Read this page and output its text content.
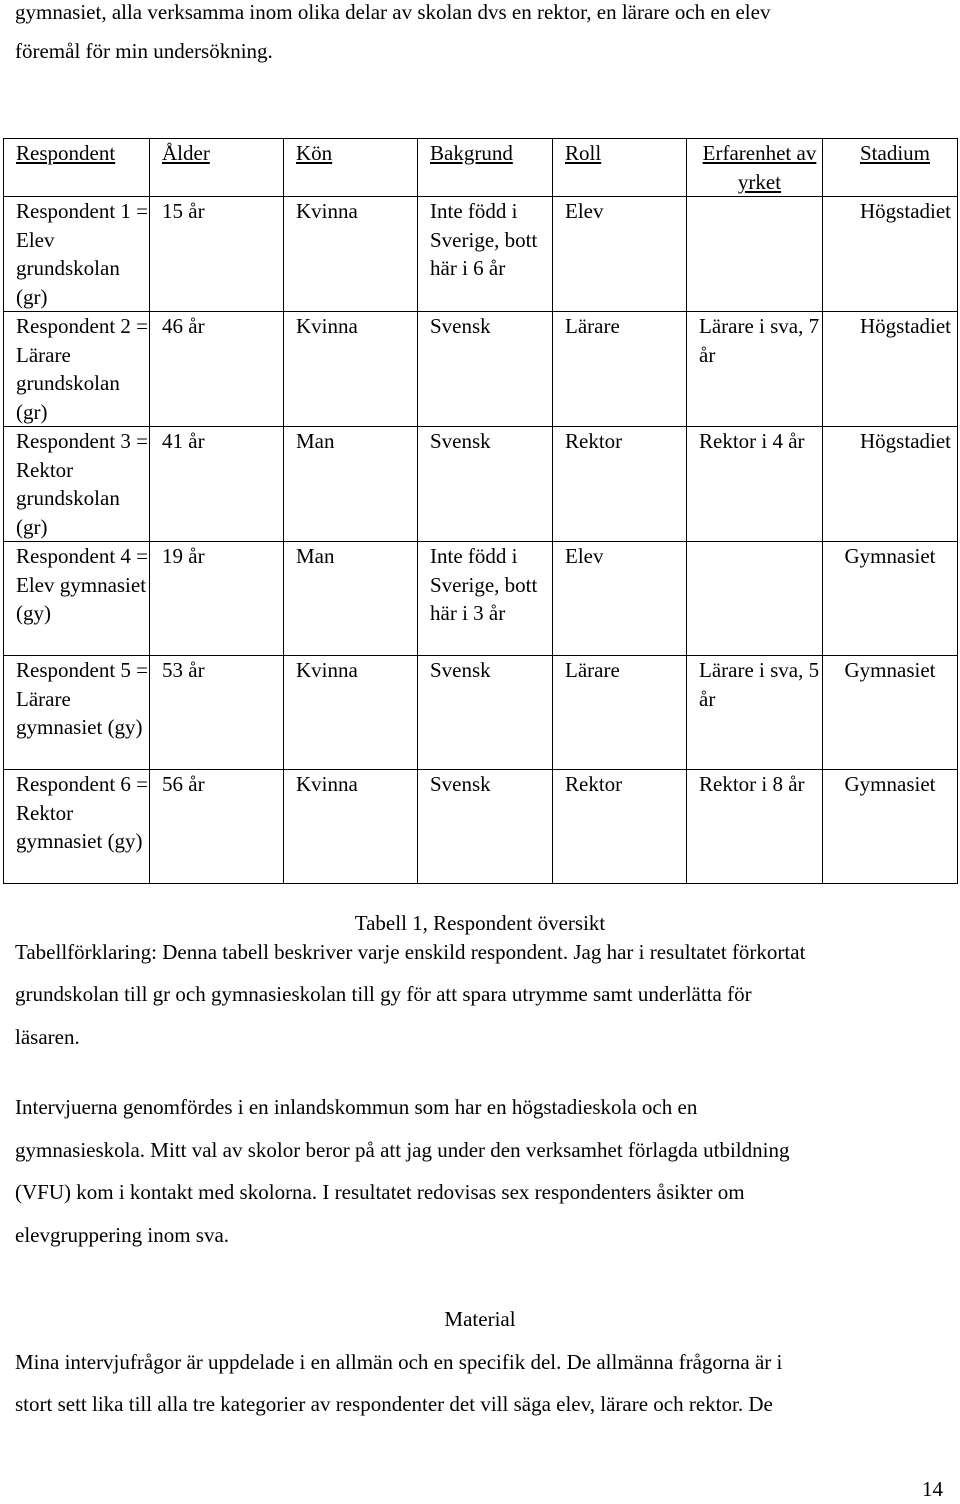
gymnasiet, alla verksamma inom olika delar av skolan dvs en rektor, en lärare och en elev
föremål för min undersökning.
Respondent	Ålder	Kön	Bakgrund	Roll	Erfarenhet av yrket	Stadium
Respondent 1 = Elev grundskolan (gr)	15 år	Kvinna	Inte född i Sverige, bott här i 6 år	Elev		Högstadiet
Respondent 2 = Lärare grundskolan (gr)	46 år	Kvinna	Svensk	Lärare	Lärare i sva, 7 år	Högstadiet
Respondent 3 = Rektor grundskolan (gr)	41 år	Man	Svensk	Rektor	Rektor i 4 år	Högstadiet
Respondent 4 = Elev gymnasiet (gy)	19 år	Man	Inte född i Sverige, bott här i 3 år	Elev		Gymnasiet
Respondent 5 = Lärare gymnasiet (gy)	53 år	Kvinna	Svensk	Lärare	Lärare i sva, 5 år	Gymnasiet
Respondent 6 = Rektor gymnasiet (gy)	56 år	Kvinna	Svensk	Rektor	Rektor i 8 år	Gymnasiet
Tabell 1, Respondent översikt
Tabellförklaring: Denna tabell beskriver varje enskild respondent. Jag har i resultatet förkortat
grundskolan till gr och gymnasieskolan till gy för att spara utrymme samt underlätta för
läsaren.
Intervjuerna genomfördes i en inlandskommun som har en högstadieskola och en
gymnasieskola. Mitt val av skolor beror på att jag under den verksamhet förlagda utbildning
(VFU) kom i kontakt med skolorna. I resultatet redovisas sex respondenters åsikter om
elevgruppering inom sva.
Material
Mina intervjufrågor är uppdelade i en allmän och en specifik del. De allmänna frågorna är i
stort sett lika till alla tre kategorier av respondenter det vill säga elev, lärare och rektor. De
14
